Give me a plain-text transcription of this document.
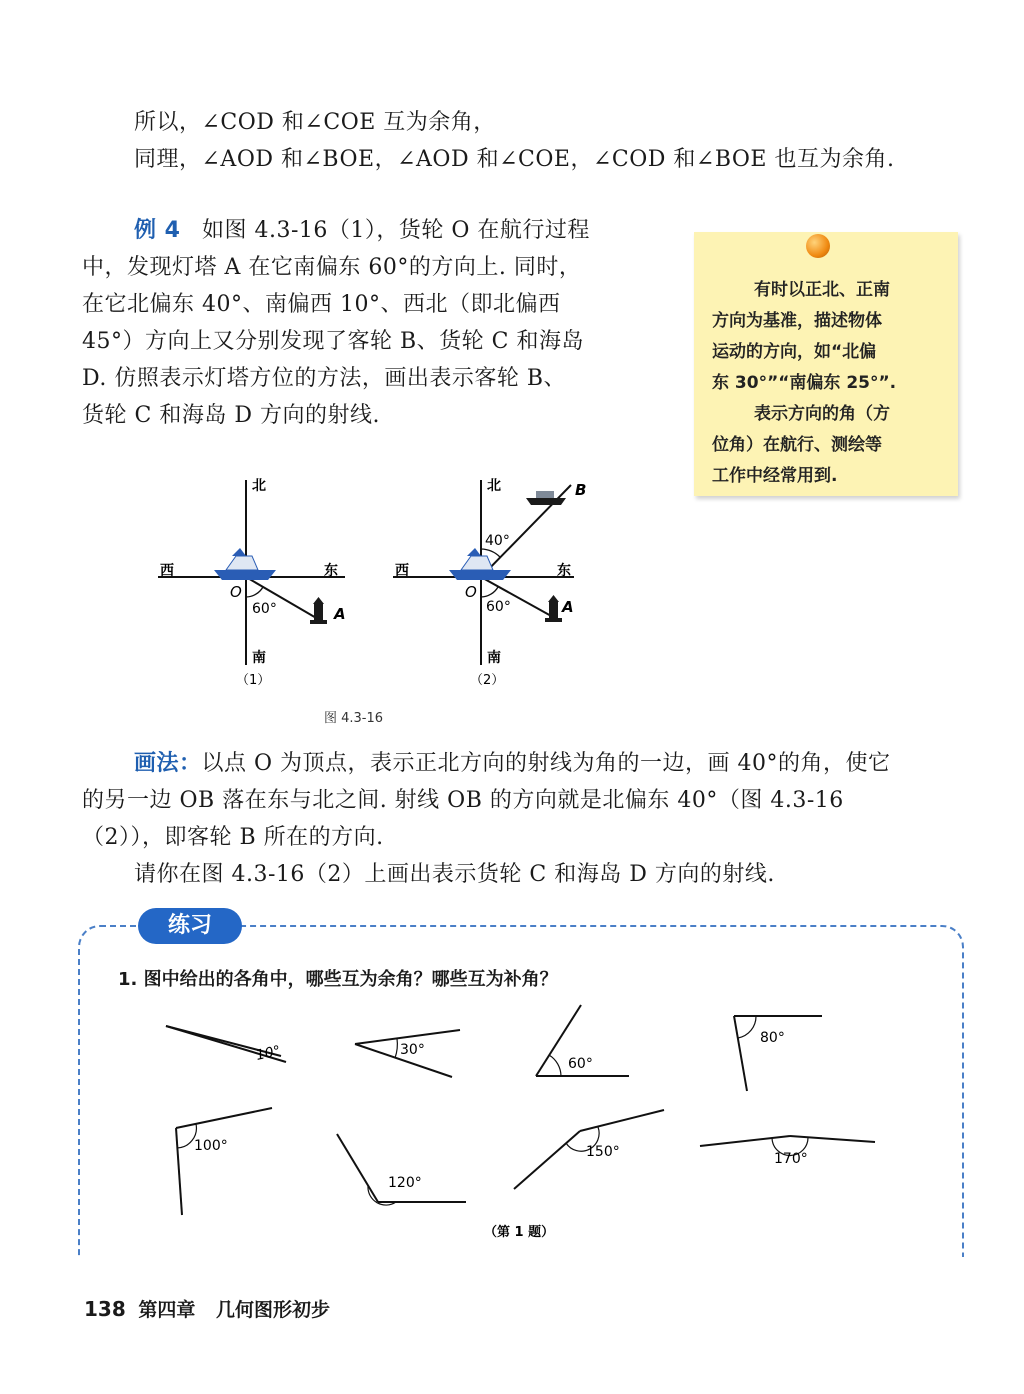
所以，∠COD 和∠COE 互为余角，
同理，∠AOD 和∠BOE，∠AOD 和∠COE，∠COD 和∠BOE 也互为余角.
例 4 如图 4.3-16（1），货轮 O 在航行过程
中，发现灯塔 A 在它南偏东 60°的方向上. 同时，
在它北偏东 40°、南偏西 10°、西北（即北偏西
45°）方向上又分别发现了客轮 B、货轮 C 和海岛
D. 仿照表示灯塔方位的方法，画出表示客轮 B、
货轮 C 和海岛 D 方向的射线.
有时以正北、正南
方向为基准，描述物体
运动的方向，如“北偏
东 30°”“南偏东 25°”.
表示方向的角（方
位角）在航行、测绘等
工作中经常用到.
北
西	东
南
O
60°	A
（1）
北
西	东
南
O
60°
40°
A
B
（2）
图 4.3-16
画法：以点 O 为顶点，表示正北方向的射线为角的一边，画 40°的角，使它
的另一边 OB 落在东与北之间. 射线 OB 的方向就是北偏东 40°（图 4.3-16
（2）），即客轮 B 所在的方向.
请你在图 4.3-16（2）上画出表示货轮 C 和海岛 D 方向的射线.
练习
1. 图中给出的各角中，哪些互为余角？哪些互为补角？
10°	30°
60°
80°
100°
120°
150°	170°
（第 1 题）
138 第四章 几何图形初步
